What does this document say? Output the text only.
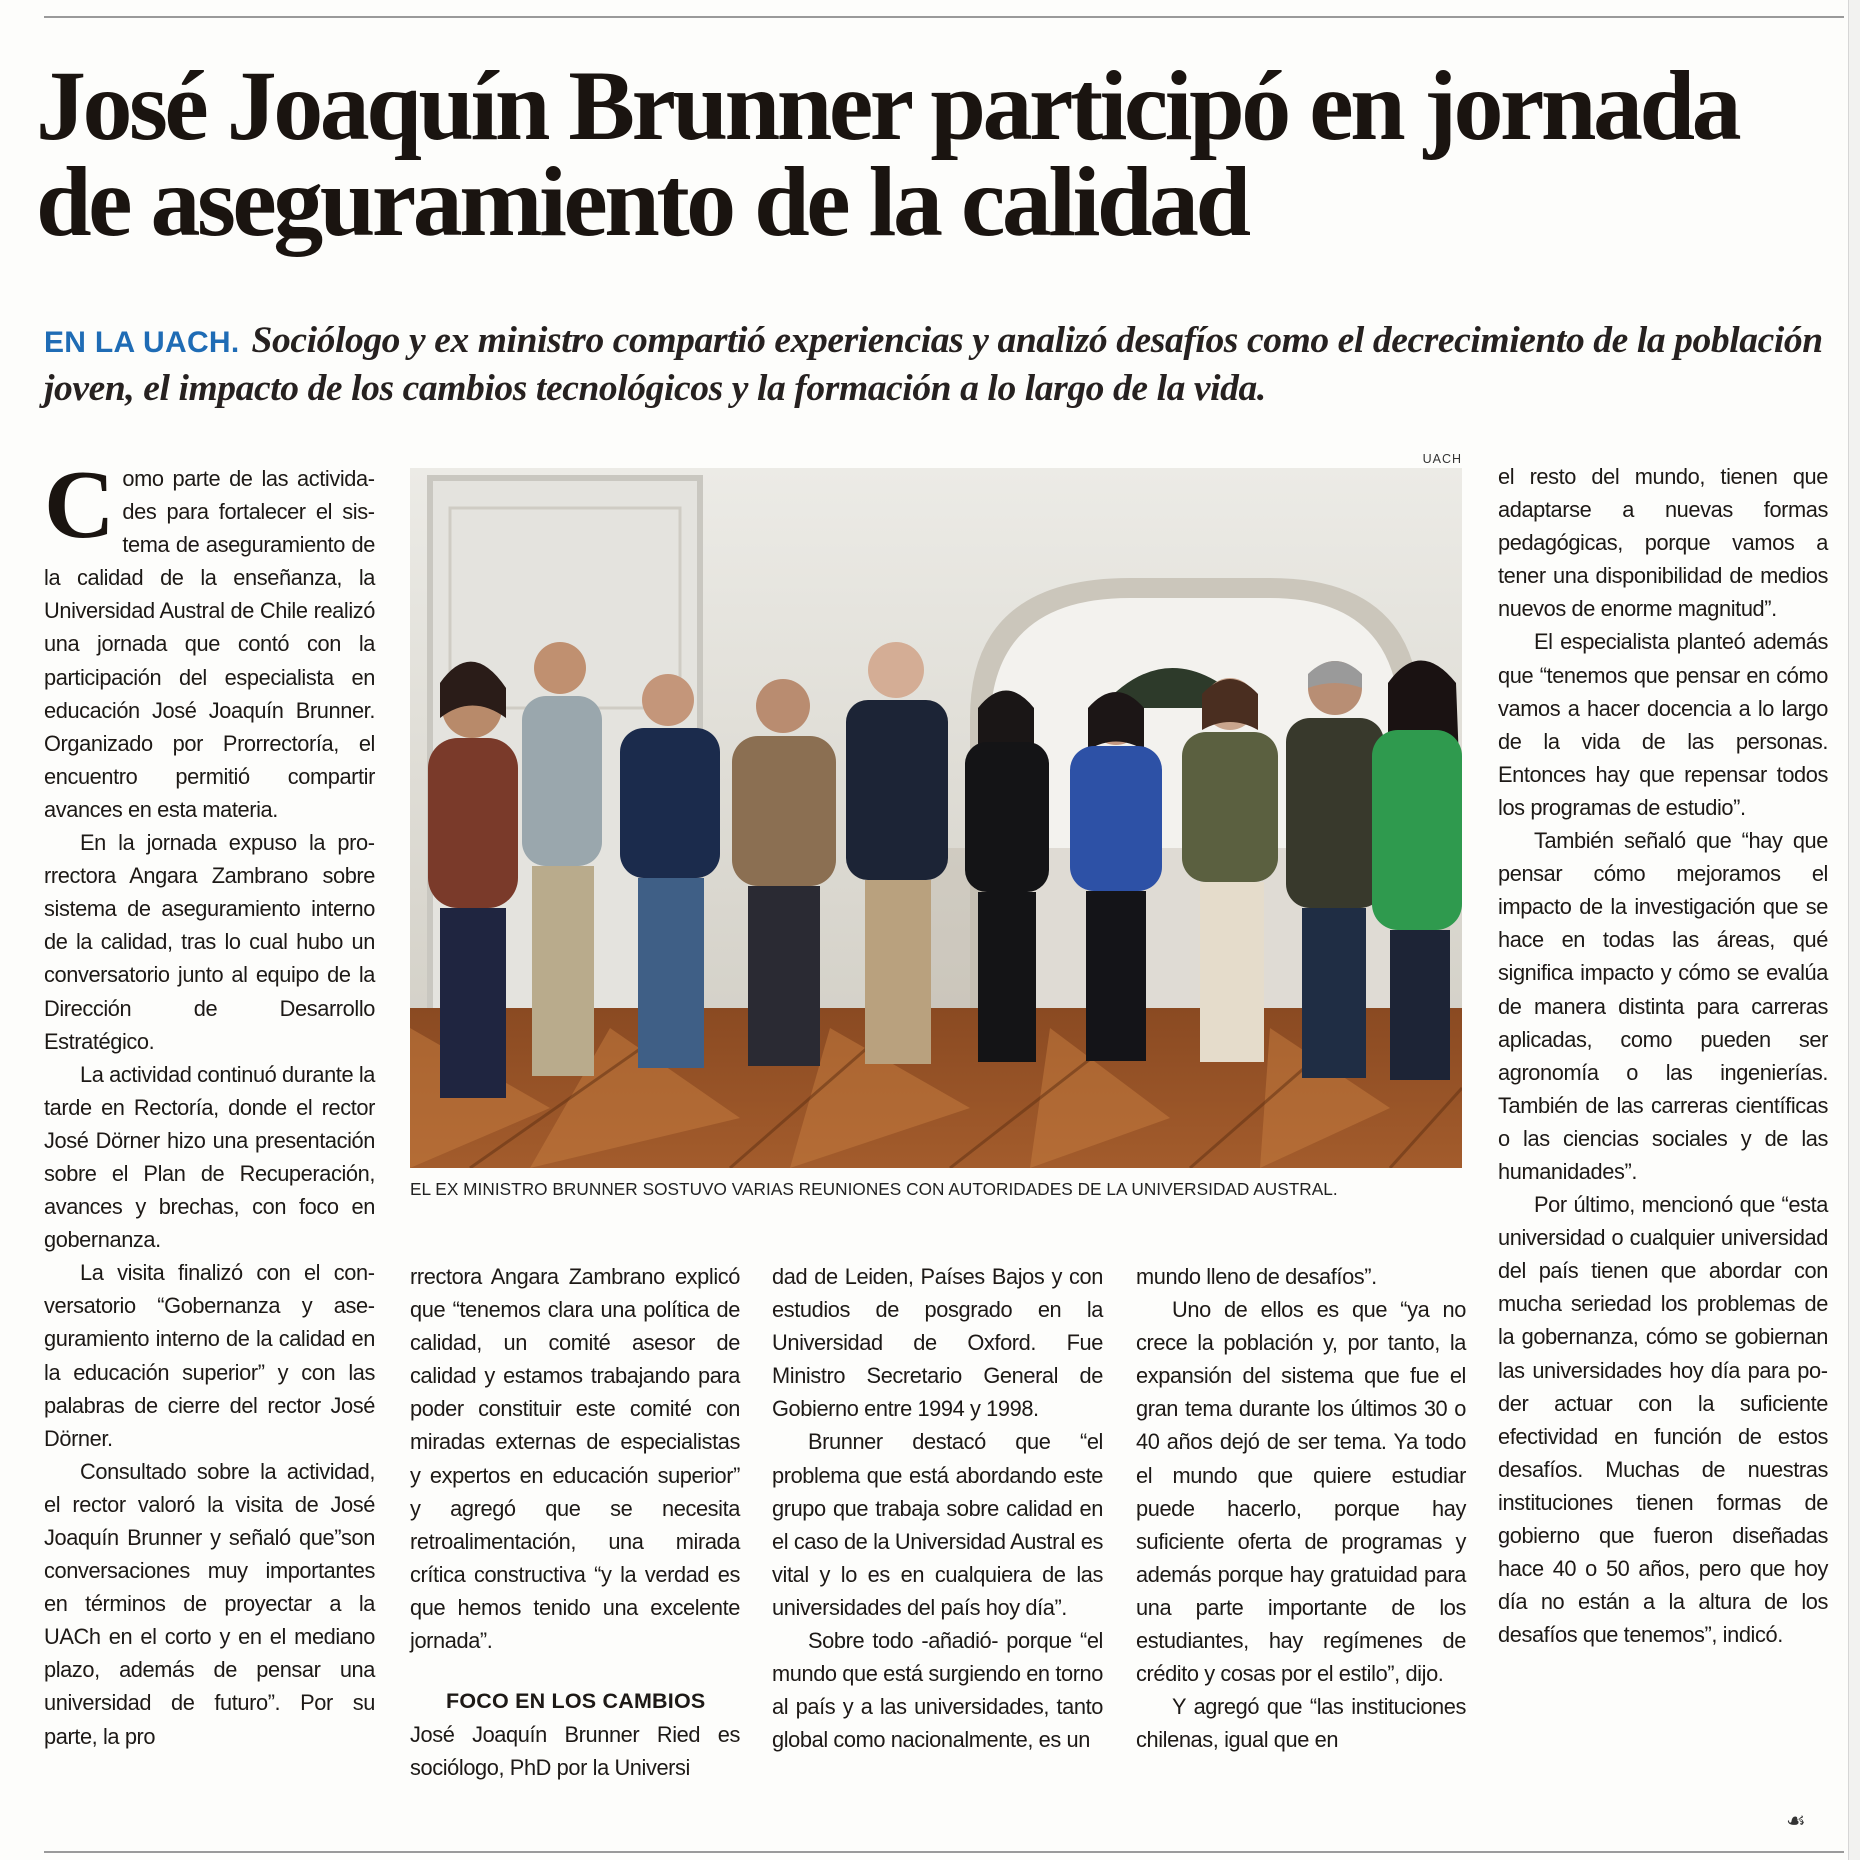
José Joaquín Brunner participó en jornada de aseguramiento de la calidad

EN LA UACH. Sociólogo y ex ministro compartió experiencias y analizó desafíos como el decrecimiento de la población joven, el impacto de los cambios tecnológicos y la formación a lo largo de la vida.

Como parte de las actividades para fortalecer el sistema de aseguramiento de la calidad de la enseñanza, la Universidad Austral de Chile realizó una jornada que contó con la participación del especialista en educación José Joaquín Brunner. Organizado por Prorrectoría, el encuentro permitió compartir avances en esta materia.

En la jornada expuso la prorrectora Angara Zambrano sobre sistema de aseguramiento interno de la calidad, tras lo cual hubo un conversatorio junto al equipo de la Dirección de Desarrollo Estratégico.

La actividad continuó durante la tarde en Rectoría, donde el rector José Dörner hizo una presentación sobre el Plan de Recuperación, avances y brechas, con foco en gobernanza.

La visita finalizó con el conversatorio “Gobernanza y aseguramiento interno de la calidad en la educación superior” y con las palabras de cierre del rector José Dörner.

Consultado sobre la actividad, el rector valoró la visita de José Joaquín Brunner y señaló que”son conversaciones muy importantes en términos de proyectar a la UACh en el corto y en el mediano plazo, además de pensar una universidad de futuro”. Por su parte, la pro

UACH
EL EX MINISTRO BRUNNER SOSTUVO VARIAS REUNIONES CON AUTORIDADES DE LA UNIVERSIDAD AUSTRAL.

rrectora Angara Zambrano explicó que “tenemos clara una política de calidad, un comité asesor de calidad y estamos trabajando para poder constituir este comité con miradas externas de especialistas y expertos en educación superior” y agregó que se necesita retroalimentación, una mirada crítica constructiva “y la verdad es que hemos tenido una excelente jornada”.

FOCO EN LOS CAMBIOS

José Joaquín Brunner Ried es sociólogo, PhD por la Universi

dad de Leiden, Países Bajos y con estudios de posgrado en la Universidad de Oxford. Fue Ministro Secretario General de Gobierno entre 1994 y 1998.

Brunner destacó que “el problema que está abordando este grupo que trabaja sobre calidad en el caso de la Universidad Austral es vital y lo es en cualquiera de las universidades del país hoy día”.

Sobre todo -añadió- porque “el mundo que está surgiendo en torno al país y a las universidades, tanto global como nacionalmente, es un

mundo lleno de desafíos”.

Uno de ellos es que “ya no crece la población y, por tanto, la expansión del sistema que fue el gran tema durante los últimos 30 o 40 años dejó de ser tema. Ya todo el mundo que quiere estudiar puede hacerlo, porque hay suficiente oferta de programas y además porque hay gratuidad para una parte importante de los estudiantes, hay regímenes de crédito y cosas por el estilo”, dijo.

Y agregó que “las instituciones chilenas, igual que en

el resto del mundo, tienen que adaptarse a nuevas formas pedagógicas, porque vamos a tener una disponibilidad de medios nuevos de enorme magnitud”.

El especialista planteó además que “tenemos que pensar en cómo vamos a hacer docencia a lo largo de la vida de las personas. Entonces hay que repensar todos los programas de estudio”.

También señaló que “hay que pensar cómo mejoramos el impacto de la investigación que se hace en todas las áreas, qué significa impacto y cómo se evalúa de manera distinta para carreras aplicadas, como pueden ser agronomía o las ingenierías. También de las carreras científicas o las ciencias sociales y de las humanidades”.

Por último, mencionó que “esta universidad o cualquier universidad del país tienen que abordar con mucha seriedad los problemas de la gobernanza, cómo se gobiernan las universidades hoy día para poder actuar con la suficiente efectividad en función de estos desafíos. Muchas de nuestras instituciones tienen formas de gobierno que fueron diseñadas hace 40 o 50 años, pero que hoy día no están a la altura de los desafíos que tenemos”, indicó.

☙
